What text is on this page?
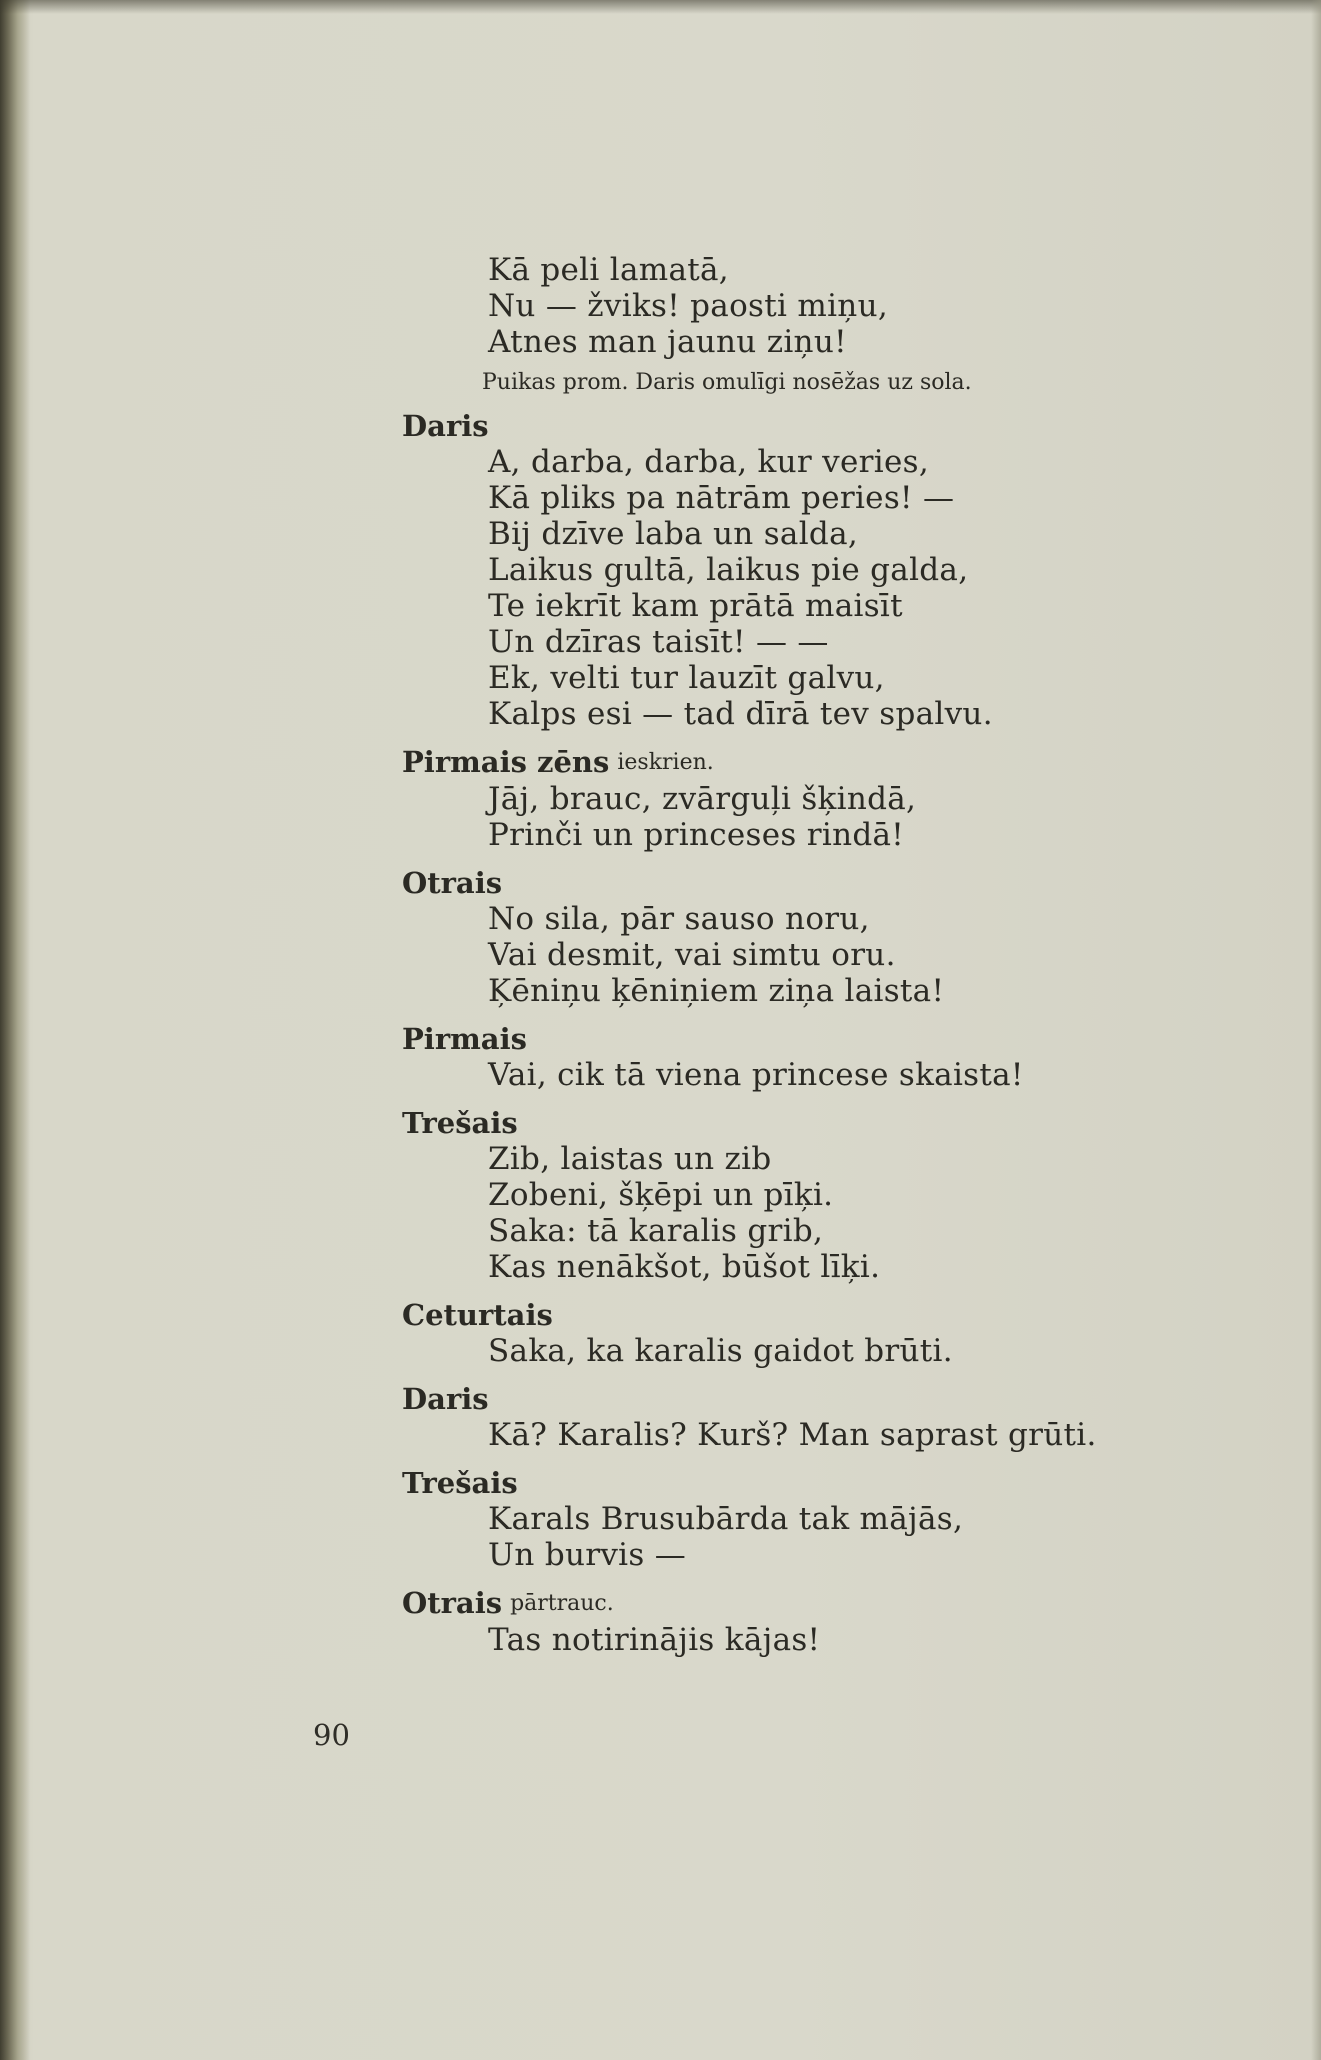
Kā peli lamatā,
Nu — žviks! paosti miņu,
Atnes man jaunu ziņu!
Puikas prom. Daris omulīgi nosēžas uz sola.
Daris
A, darba, darba, kur veries,
Kā pliks pa nātrām peries! —
Bij dzīve laba un salda,
Laikus gultā, laikus pie galda,
Te iekrīt kam prātā maisīt
Un dzīras taisīt! — —
Ek, velti tur lauzīt galvu,
Kalps esi — tad dīrā tev spalvu.
Pirmais zēns ieskrien.
Jāj, brauc, zvārguļi šķindā,
Prinči un princeses rindā!
Otrais
No sila, pār sauso noru,
Vai desmit, vai simtu oru.
Ķēniņu ķēniņiem ziņa laista!
Pirmais
Vai, cik tā viena princese skaista!
Trešais
Zib, laistas un zib
Zobeni, šķēpi un pīķi.
Saka: tā karalis grib,
Kas nenākšot, būšot līķi.
Ceturtais
Saka, ka karalis gaidot brūti.
Daris
Kā? Karalis? Kurš? Man saprast grūti.
Trešais
Karals Brusubārda tak mājās,
Un burvis —
Otrais pārtrauc.
Tas notirinājis kājas!
90
